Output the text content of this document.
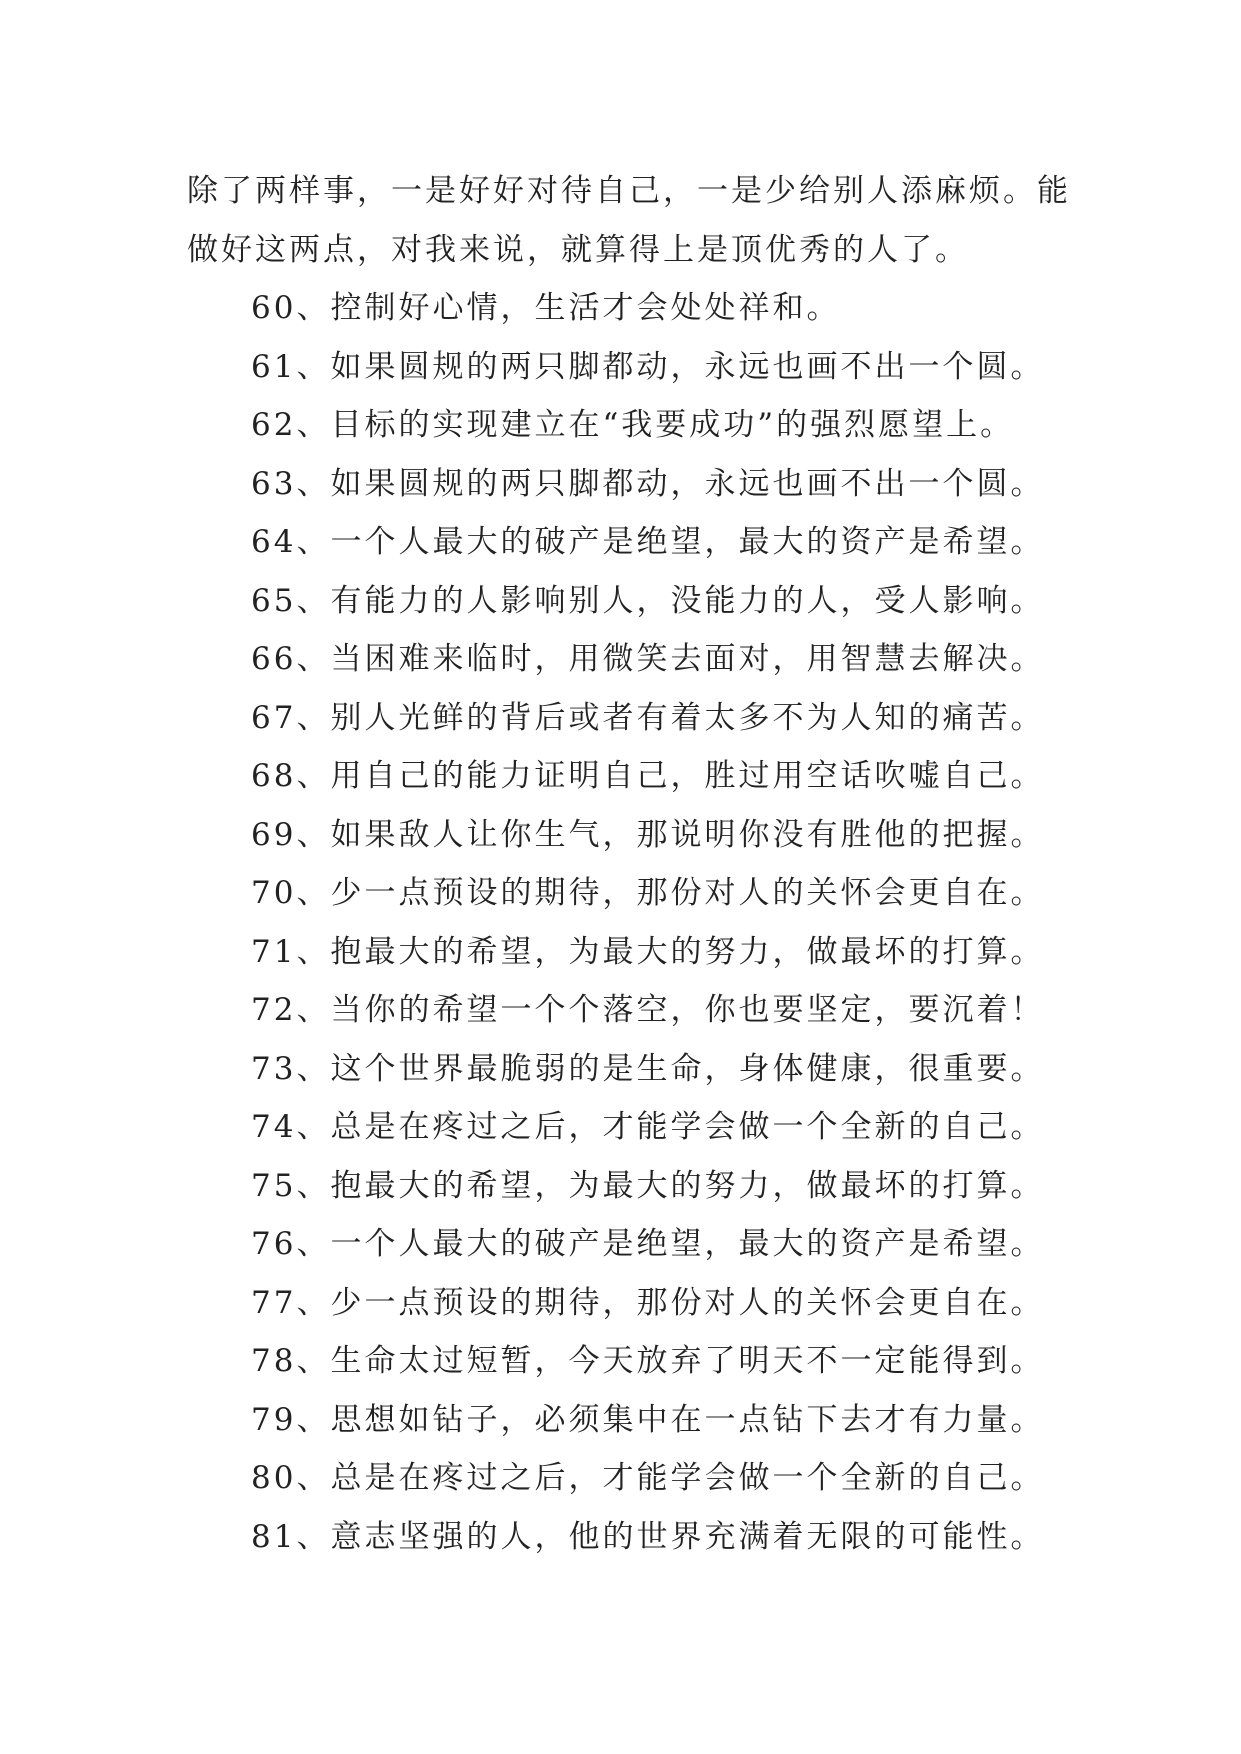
除了两样事，一是好好对待自己，一是少给别人添麻烦。能
做好这两点，对我来说，就算得上是顶优秀的人了。
60、控制好心情，生活才会处处祥和。
61、如果圆规的两只脚都动，永远也画不出一个圆。
62、目标的实现建立在“我要成功”的强烈愿望上。
63、如果圆规的两只脚都动，永远也画不出一个圆。
64、一个人最大的破产是绝望，最大的资产是希望。
65、有能力的人影响别人，没能力的人，受人影响。
66、当困难来临时，用微笑去面对，用智慧去解决。
67、别人光鲜的背后或者有着太多不为人知的痛苦。
68、用自己的能力证明自己，胜过用空话吹嘘自己。
69、如果敌人让你生气，那说明你没有胜他的把握。
70、少一点预设的期待，那份对人的关怀会更自在。
71、抱最大的希望，为最大的努力，做最坏的打算。
72、当你的希望一个个落空，你也要坚定，要沉着！
73、这个世界最脆弱的是生命，身体健康，很重要。
74、总是在疼过之后，才能学会做一个全新的自己。
75、抱最大的希望，为最大的努力，做最坏的打算。
76、一个人最大的破产是绝望，最大的资产是希望。
77、少一点预设的期待，那份对人的关怀会更自在。
78、生命太过短暂，今天放弃了明天不一定能得到。
79、思想如钻子，必须集中在一点钻下去才有力量。
80、总是在疼过之后，才能学会做一个全新的自己。
81、意志坚强的人，他的世界充满着无限的可能性。
